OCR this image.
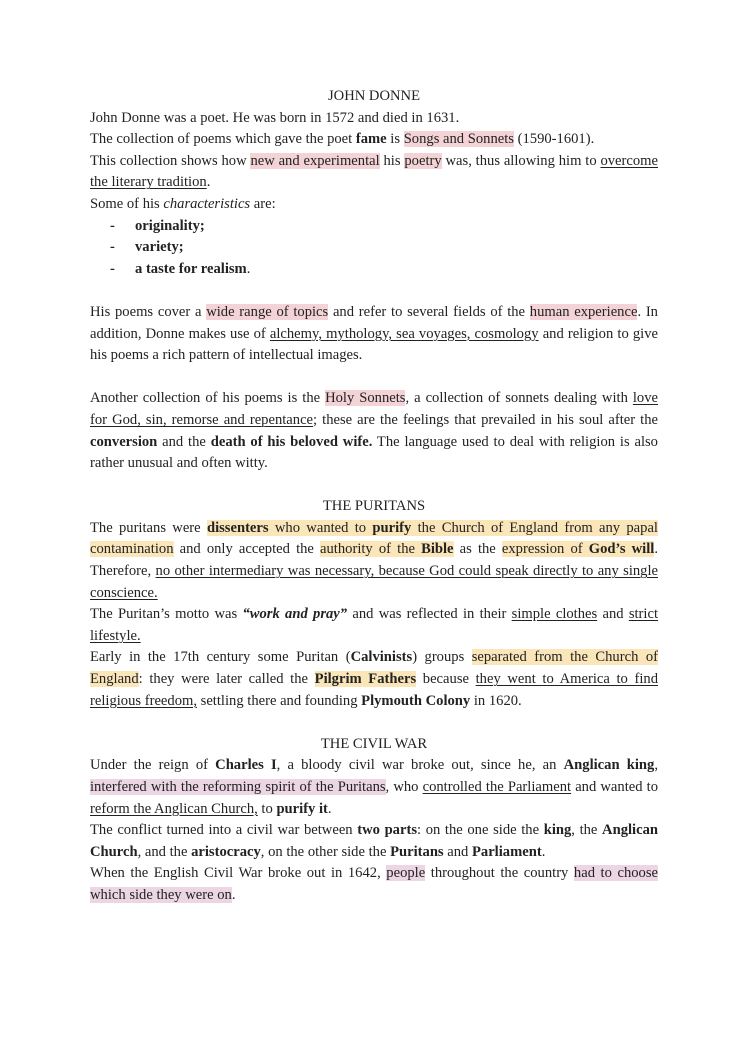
JOHN DONNE

John Donne was a poet. He was born in 1572 and died in 1631.

The collection of poems which gave the poet fame is Songs and Sonnets (1590-1601).

This collection shows how new and experimental his poetry was, thus allowing him to overcome the literary tradition.

Some of his characteristics are:

- originality;
- variety;
- a taste for realism.

His poems cover a wide range of topics and refer to several fields of the human experience. In addition, Donne makes use of alchemy, mythology, sea voyages, cosmology and religion to give his poems a rich pattern of intellectual images.

Another collection of his poems is the Holy Sonnets, a collection of sonnets dealing with love for God, sin, remorse and repentance; these are the feelings that prevailed in his soul after the conversion and the death of his beloved wife. The language used to deal with religion is also rather unusual and often witty.

THE PURITANS

The puritans were dissenters who wanted to purify the Church of England from any papal contamination and only accepted the authority of the Bible as the expression of God’s will. Therefore, no other intermediary was necessary, because God could speak directly to any single conscience.

The Puritan’s motto was “work and pray” and was reflected in their simple clothes and strict lifestyle.

Early in the 17th century some Puritan (Calvinists) groups separated from the Church of England: they were later called the Pilgrim Fathers because they went to America to find religious freedom, settling there and founding Plymouth Colony in 1620.

THE CIVIL WAR

Under the reign of Charles I, a bloody civil war broke out, since he, an Anglican king, interfered with the reforming spirit of the Puritans, who controlled the Parliament and wanted to reform the Anglican Church, to purify it.

The conflict turned into a civil war between two parts: on the one side the king, the Anglican Church, and the aristocracy, on the other side the Puritans and Parliament.

When the English Civil War broke out in 1642, people throughout the country had to choose which side they were on.
